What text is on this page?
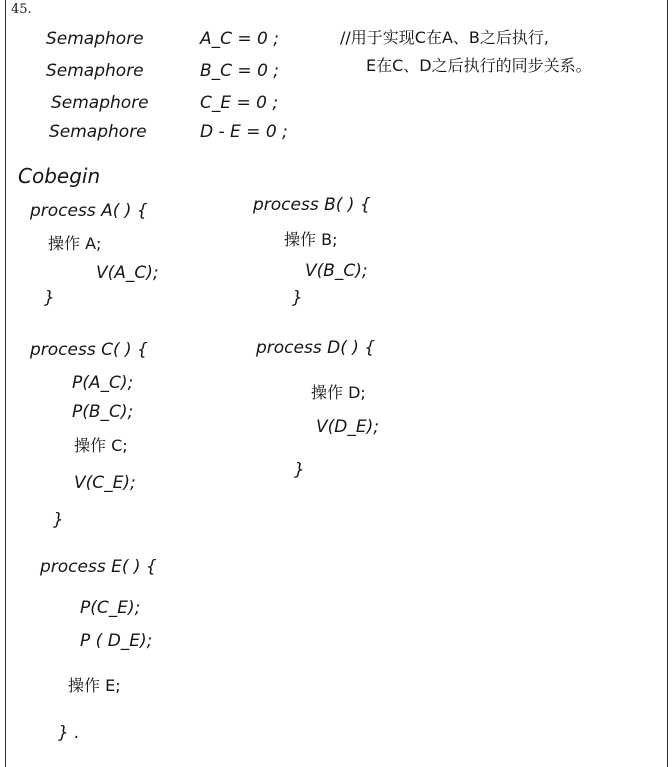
45.
Semaphore	A_C = 0 ;
Semaphore	B_C = 0 ;
Semaphore	C_E = 0 ;
Semaphore	D - E = 0 ;
//用于实现C在A、B之后执行,
E在C、D之后执行的同步关系。
Cobegin
process A( ) {
操作 A;
V(A_C);
}
process B( ) {
操作 B;
V(B_C);
}
process C( ) {
P(A_C);
P(B_C);
操作 C;
V(C_E);
}
process D( ) {
操作 D;
V(D_E);
}
process E( ) {
P(C_E);
P ( D_E);
操作 E;
} .
